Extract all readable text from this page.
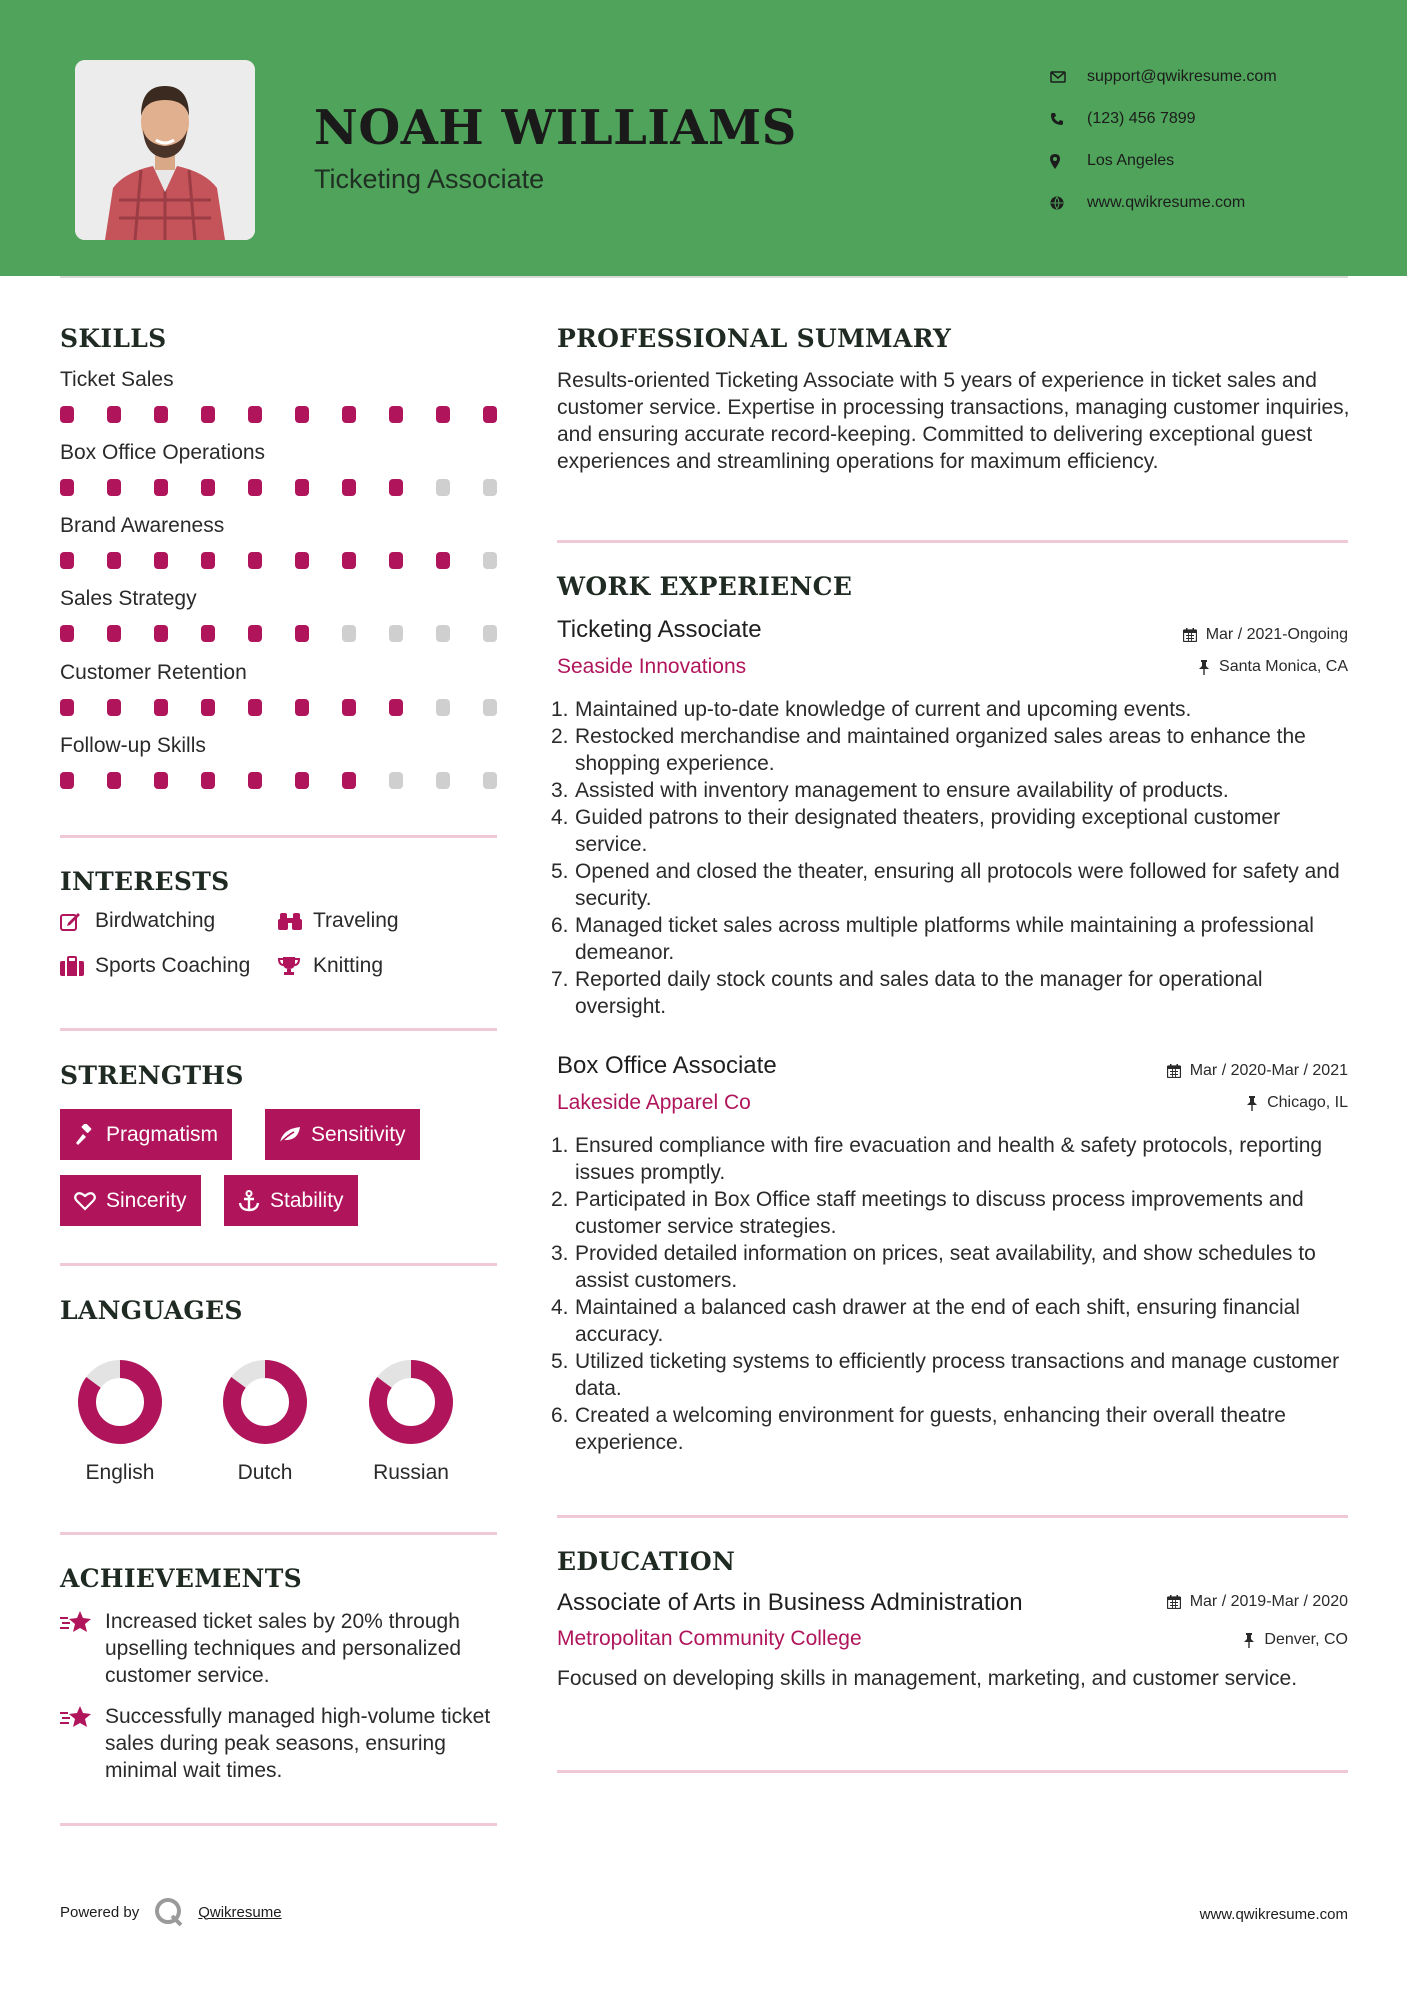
NOAH WILLIAMS
Ticketing Associate
support@qwikresume.com
(123) 456 7899
Los Angeles
www.qwikresume.com
SKILLS
Ticket Sales
Box Office Operations
Brand Awareness
Sales Strategy
Customer Retention
Follow-up Skills
INTERESTS
Birdwatching	Traveling
Sports Coaching	Knitting
STRENGTHS
Pragmatism	Sensitivity
Sincerity	Stability
LANGUAGES
English	Dutch	Russian
ACHIEVEMENTS
Increased ticket sales by 20% through upselling techniques and personalized customer service.
Successfully managed high-volume ticket sales during peak seasons, ensuring minimal wait times.
PROFESSIONAL SUMMARY
Results-oriented Ticketing Associate with 5 years of experience in ticket sales and customer service. Expertise in processing transactions, managing customer inquiries, and ensuring accurate record-keeping. Committed to delivering exceptional guest experiences and streamlining operations for maximum efficiency.
WORK EXPERIENCE
Ticketing Associate	Mar / 2021-Ongoing
Seaside Innovations	Santa Monica, CA
1. Maintained up-to-date knowledge of current and upcoming events.
2. Restocked merchandise and maintained organized sales areas to enhance the shopping experience.
3. Assisted with inventory management to ensure availability of products.
4. Guided patrons to their designated theaters, providing exceptional customer service.
5. Opened and closed the theater, ensuring all protocols were followed for safety and security.
6. Managed ticket sales across multiple platforms while maintaining a professional demeanor.
7. Reported daily stock counts and sales data to the manager for operational oversight.
Box Office Associate	Mar / 2020-Mar / 2021
Lakeside Apparel Co	Chicago, IL
1. Ensured compliance with fire evacuation and health & safety protocols, reporting issues promptly.
2. Participated in Box Office staff meetings to discuss process improvements and customer service strategies.
3. Provided detailed information on prices, seat availability, and show schedules to assist customers.
4. Maintained a balanced cash drawer at the end of each shift, ensuring financial accuracy.
5. Utilized ticketing systems to efficiently process transactions and manage customer data.
6. Created a welcoming environment for guests, enhancing their overall theatre experience.
EDUCATION
Associate of Arts in Business Administration	Mar / 2019-Mar / 2020
Metropolitan Community College	Denver, CO
Focused on developing skills in management, marketing, and customer service.
Powered by	Qwikresume	www.qwikresume.com
